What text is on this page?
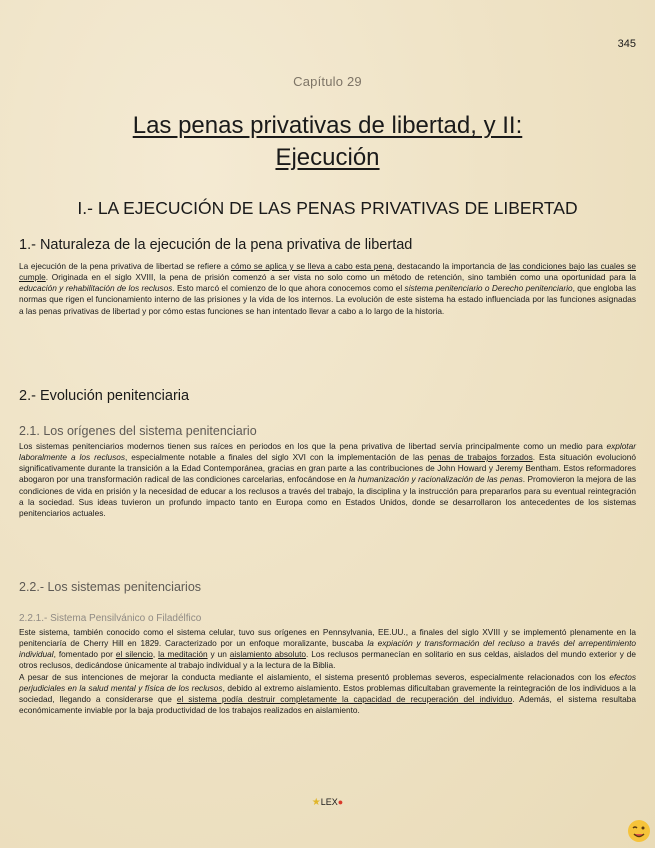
345
Capítulo 29
Las penas privativas de libertad, y II:
Ejecución
I.- LA EJECUCIÓN DE LAS PENAS PRIVATIVAS DE LIBERTAD
1.- Naturaleza de la ejecución de la pena privativa de libertad

La ejecución de la pena privativa de libertad se refiere a cómo se aplica y se lleva a cabo esta pena, destacando la importancia de las condiciones bajo las cuales se cumple. Originada en el siglo XVIII, la pena de prisión comenzó a ser vista no solo como un método de retención, sino también como una oportunidad para la educación y rehabilitación de los reclusos. Esto marcó el comienzo de lo que ahora conocemos como el sistema penitenciario o Derecho penitenciario, que engloba las normas que rigen el funcionamiento interno de las prisiones y la vida de los internos. La evolución de este sistema ha estado influenciada por las funciones asignadas a las penas privativas de libertad y por cómo estas funciones se han intentado llevar a cabo a lo largo de la historia.

2.- Evolución penitenciaria
2.1. Los orígenes del sistema penitenciario

Los sistemas penitenciarios modernos tienen sus raíces en periodos en los que la pena privativa de libertad servía principalmente como un medio para explotar laboralmente a los reclusos, especialmente notable a finales del siglo XVI con la implementación de las penas de trabajos forzados. Esta situación evolucionó significativamente durante la transición a la Edad Contemporánea, gracias en gran parte a las contribuciones de John Howard y Jeremy Bentham. Estos reformadores abogaron por una transformación radical de las condiciones carcelarias, enfocándose en la humanización y racionalización de las penas. Promovieron la mejora de las condiciones de vida en prisión y la necesidad de educar a los reclusos a través del trabajo, la disciplina y la instrucción para prepararlos para su eventual reintegración a la sociedad. Sus ideas tuvieron un profundo impacto tanto en Europa como en Estados Unidos, donde se desarrollaron los antecedentes de los sistemas penitenciarios actuales.

2.2.- Los sistemas penitenciarios
2.2.1.- Sistema Pensilvánico o Filadélfico

Este sistema, también conocido como el sistema celular, tuvo sus orígenes en Pennsylvania, EE.UU., a finales del siglo XVIII y se implementó plenamente en la penitenciaría de Cherry Hill en 1829. Caracterizado por un enfoque moralizante, buscaba la expiación y transformación del recluso a través del arrepentimiento individual, fomentado por el silencio, la meditación y un aislamiento absoluto. Los reclusos permanecían en solitario en sus celdas, aislados del mundo exterior y de otros reclusos, dedicándose únicamente al trabajo individual y a la lectura de la Biblia.

A pesar de sus intenciones de mejorar la conducta mediante el aislamiento, el sistema presentó problemas severos, especialmente relacionados con los efectos perjudiciales en la salud mental y física de los reclusos, debido al extremo aislamiento. Estos problemas dificultaban gravemente la reintegración de los individuos a la sociedad, llegando a considerarse que el sistema podía destruir completamente la capacidad de recuperación del individuo. Además, el sistema resultaba económicamente inviable por la baja productividad de los trabajos realizados en aislamiento.

★LEX●
